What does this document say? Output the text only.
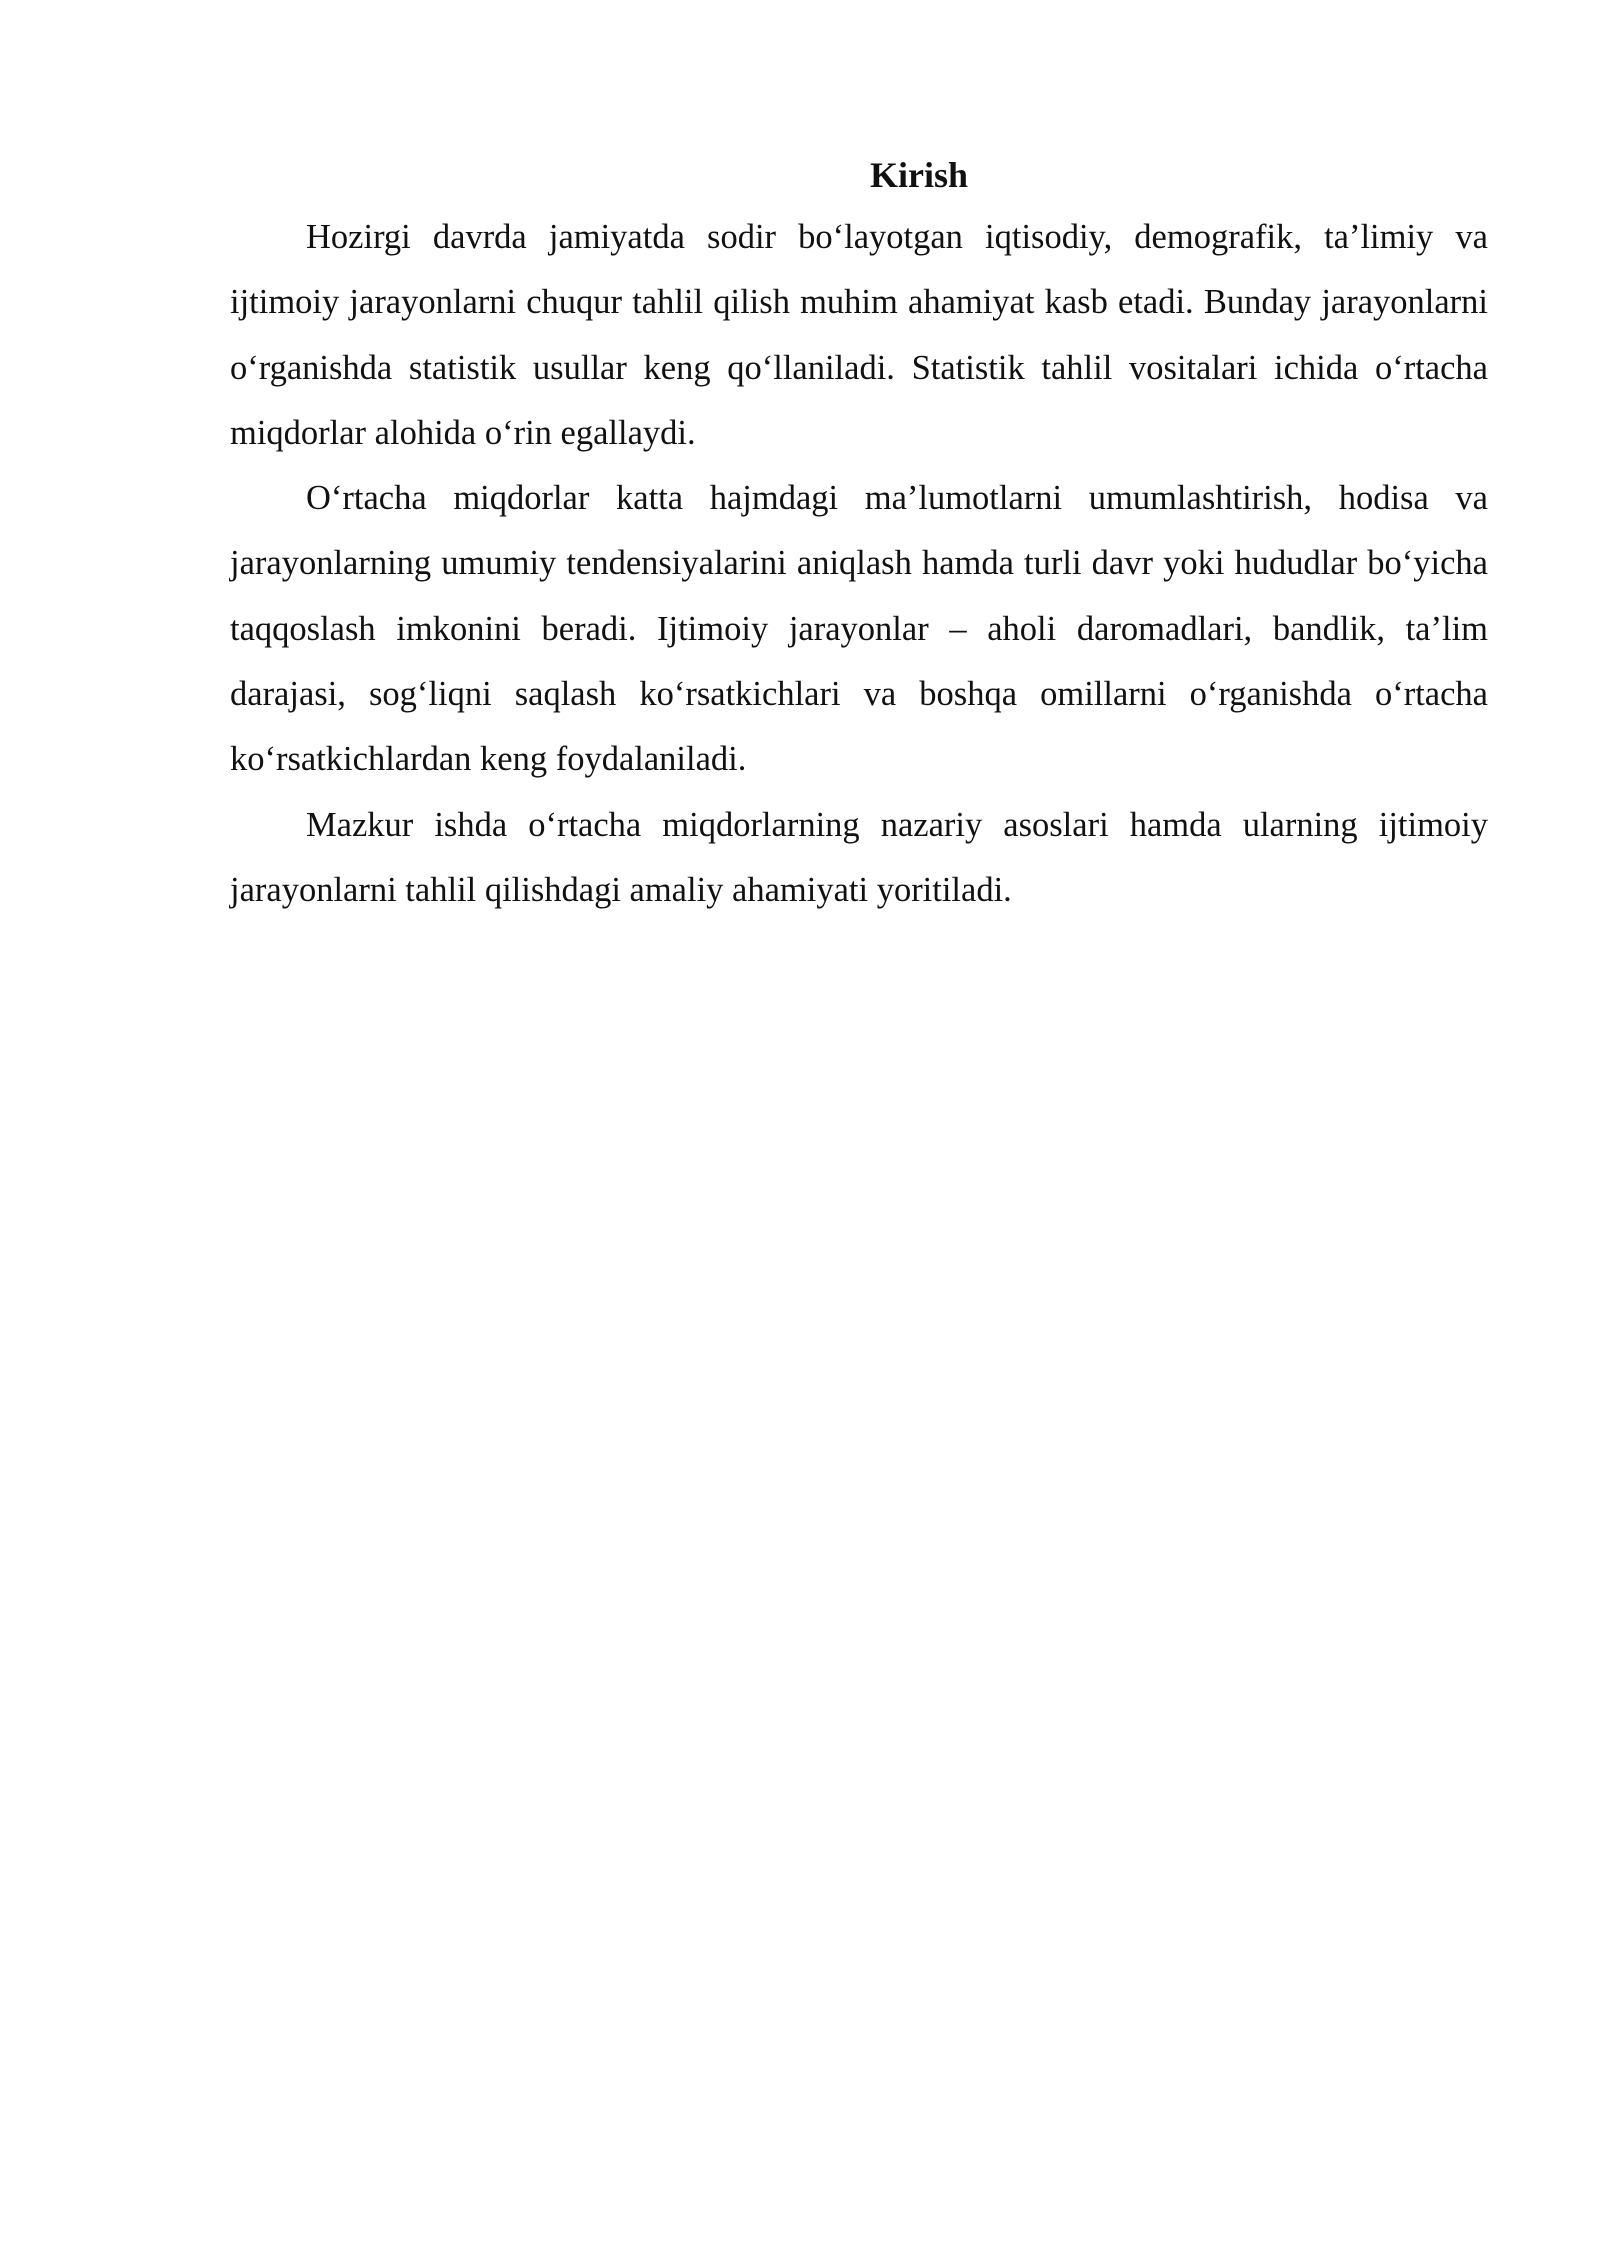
Kirish

Hozirgi davrda jamiyatda sodir bo‘layotgan iqtisodiy, demografik, ta’limiy va ijtimoiy jarayonlarni chuqur tahlil qilish muhim ahamiyat kasb etadi. Bunday jarayonlarni o‘rganishda statistik usullar keng qo‘llaniladi. Statistik tahlil vositalari ichida o‘rtacha miqdorlar alohida o‘rin egallaydi.

O‘rtacha miqdorlar katta hajmdagi ma’lumotlarni umumlashtirish, hodisa va jarayonlarning umumiy tendensiyalarini aniqlash hamda turli davr yoki hududlar bo‘yicha taqqoslash imkonini beradi. Ijtimoiy jarayonlar – aholi daromadlari, bandlik, ta’lim darajasi, sog‘liqni saqlash ko‘rsatkichlari va boshqa omillarni o‘rganishda o‘rtacha ko‘rsatkichlardan keng foydalaniladi.

Mazkur ishda o‘rtacha miqdorlarning nazariy asoslari hamda ularning ijtimoiy jarayonlarni tahlil qilishdagi amaliy ahamiyati yoritiladi.
